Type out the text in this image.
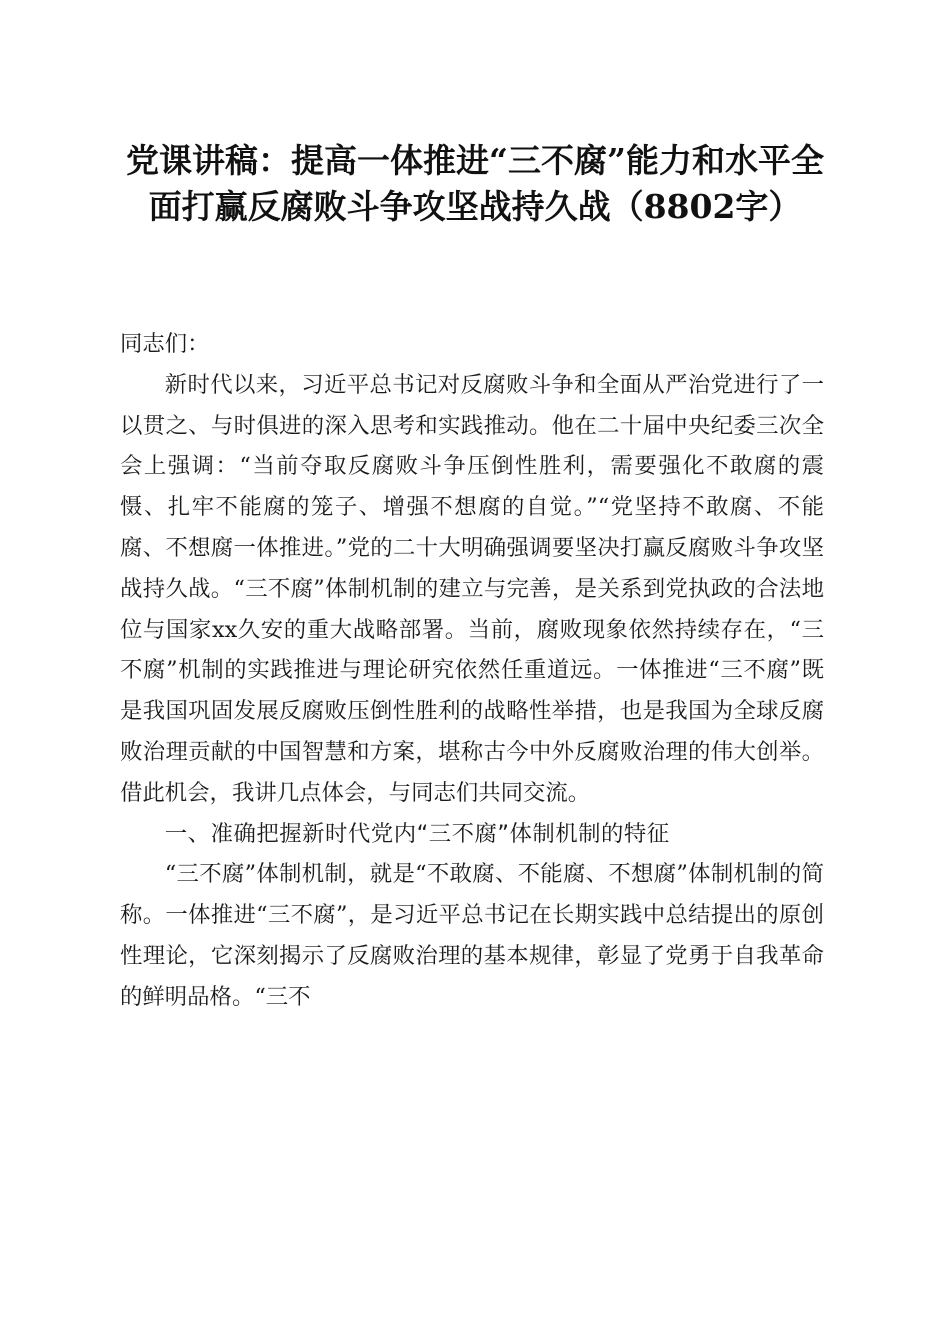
党课讲稿：提高一体推进“三不腐”能力和水平全面打赢反腐败斗争攻坚战持久战（8802字）

同志们：

新时代以来，习近平总书记对反腐败斗争和全面从严治党进行了一以贯之、与时俱进的深入思考和实践推动。他在二十届中央纪委三次全会上强调：“当前夺取反腐败斗争压倒性胜利，需要强化不敢腐的震慑、扎牢不能腐的笼子、增强不想腐的自觉。”“党坚持不敢腐、不能腐、不想腐一体推进。”党的二十大明确强调要坚决打赢反腐败斗争攻坚战持久战。“三不腐”体制机制的建立与完善，是关系到党执政的合法地位与国家xx久安的重大战略部署。当前，腐败现象依然持续存在，“三不腐”机制的实践推进与理论研究依然任重道远。一体推进“三不腐”既是我国巩固发展反腐败压倒性胜利的战略性举措，也是我国为全球反腐败治理贡献的中国智慧和方案，堪称古今中外反腐败治理的伟大创举。借此机会，我讲几点体会，与同志们共同交流。

一、准确把握新时代党内“三不腐”体制机制的特征

“三不腐”体制机制，就是“不敢腐、不能腐、不想腐”体制机制的简称。一体推进“三不腐”，是习近平总书记在长期实践中总结提出的原创性理论，它深刻揭示了反腐败治理的基本规律，彰显了党勇于自我革命的鲜明品格。“三不
